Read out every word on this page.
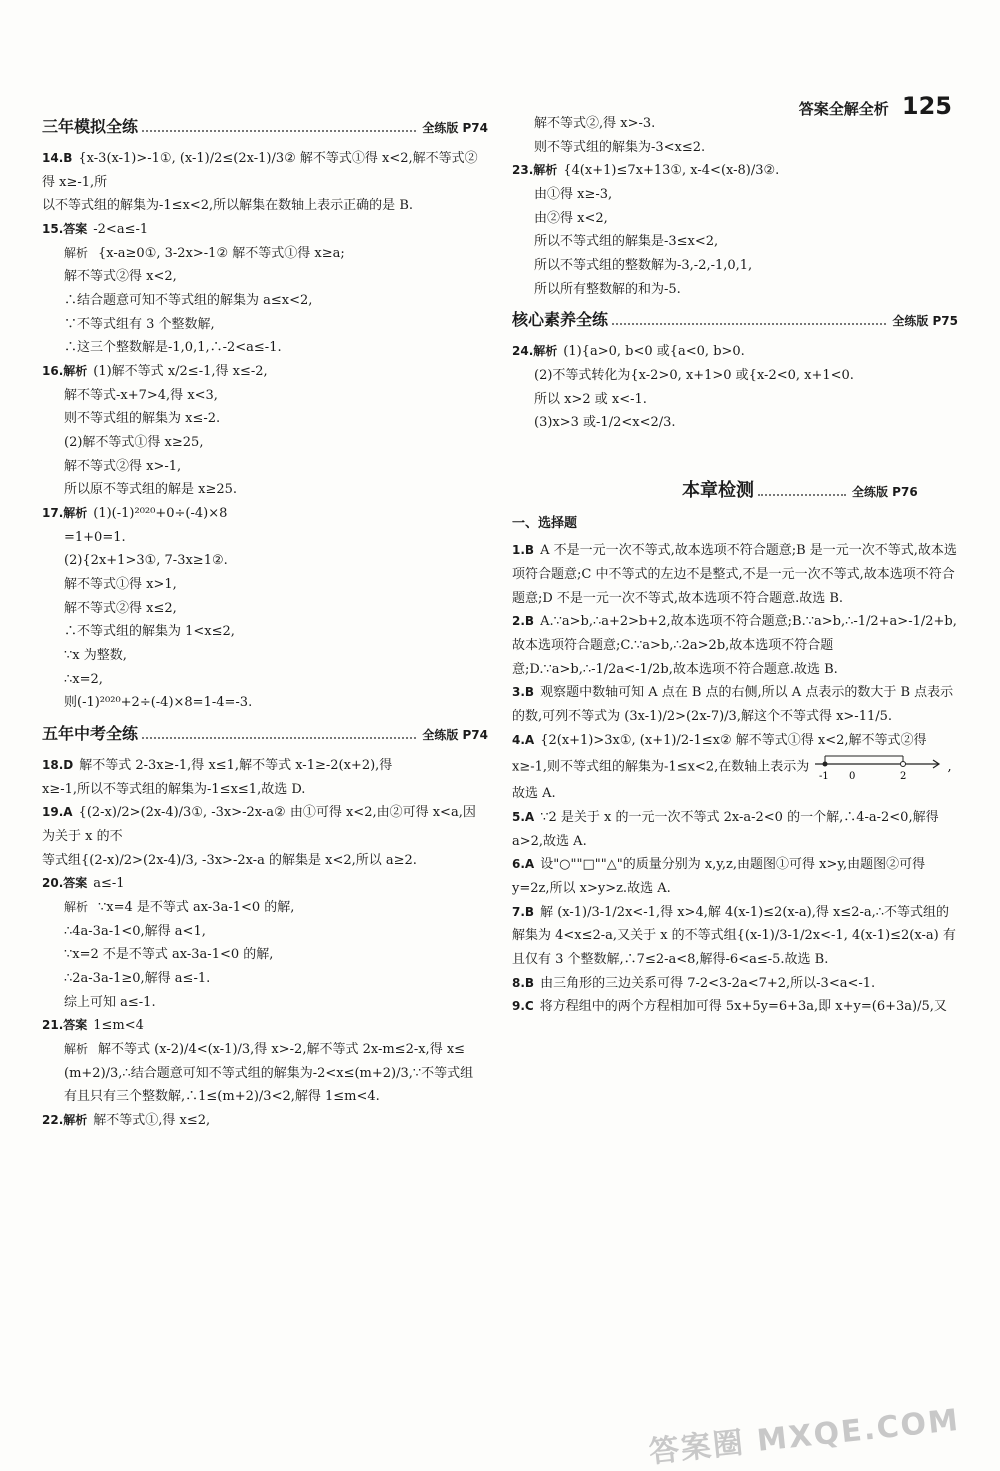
答案全解全析 125
三年模拟全练	全练版 P74
14.B {x-3(x-1)>-1①, (x-1)/2≤(2x-1)/3② 解不等式①得 x<2,解不等式②得 x≥-1,所
以不等式组的解集为-1≤x<2,所以解集在数轴上表示正确的是 B.
15.答案 -2<a≤-1
解析 {x-a≥0①, 3-2x>-1② 解不等式①得 x≥a;
解不等式②得 x<2,
∴结合题意可知不等式组的解集为 a≤x<2,
∵不等式组有 3 个整数解,
∴这三个整数解是-1,0,1,∴-2<a≤-1.
16.解析 (1)解不等式 x/2≤-1,得 x≤-2,
解不等式-x+7>4,得 x<3,
则不等式组的解集为 x≤-2.
(2)解不等式①得 x≥25,
解不等式②得 x>-1,
所以原不等式组的解是 x≥25.
17.解析 (1)(-1)²⁰²⁰+0÷(-4)×8
=1+0=1.
(2){2x+1>3①, 7-3x≥1②.
解不等式①得 x>1,
解不等式②得 x≤2,
∴不等式组的解集为 1<x≤2,
∵x 为整数,
∴x=2,
则(-1)²⁰²⁰+2÷(-4)×8=1-4=-3.
五年中考全练	全练版 P74
18.D 解不等式 2-3x≥-1,得 x≤1,解不等式 x-1≥-2(x+2),得
x≥-1,所以不等式组的解集为-1≤x≤1,故选 D.
19.A {(2-x)/2>(2x-4)/3①, -3x>-2x-a② 由①可得 x<2,由②可得 x<a,因为关于 x 的不
等式组{(2-x)/2>(2x-4)/3, -3x>-2x-a 的解集是 x<2,所以 a≥2.
20.答案 a≤-1
解析 ∵x=4 是不等式 ax-3a-1<0 的解,
∴4a-3a-1<0,解得 a<1,
∵x=2 不是不等式 ax-3a-1<0 的解,
∴2a-3a-1≥0,解得 a≤-1.
综上可知 a≤-1.
21.答案 1≤m<4
解析 解不等式 (x-2)/4<(x-1)/3,得 x>-2,解不等式 2x-m≤2-x,得 x≤
(m+2)/3,∴结合题意可知不等式组的解集为-2<x≤(m+2)/3,∵不等式组
有且只有三个整数解,∴1≤(m+2)/3<2,解得 1≤m<4.
22.解析 解不等式①,得 x≤2,
解不等式②,得 x>-3.
则不等式组的解集为-3<x≤2.
23.解析 {4(x+1)≤7x+13①, x-4<(x-8)/3②.
由①得 x≥-3,
由②得 x<2,
所以不等式组的解集是-3≤x<2,
所以不等式组的整数解为-3,-2,-1,0,1,
所以所有整数解的和为-5.
核心素养全练	全练版 P75
24.解析 (1){a>0, b<0 或{a<0, b>0.
(2)不等式转化为{x-2>0, x+1>0 或{x-2<0, x+1<0.
所以 x>2 或 x<-1.
(3)x>3 或-1/2<x<2/3.
本章检测	全练版 P76
一、选择题
1.B A 不是一元一次不等式,故本选项不符合题意;B 是一元一次不等式,故本选项符合题意;C 中不等式的左边不是整式,不是一元一次不等式,故本选项不符合题意;D 不是一元一次不等式,故本选项不符合题意.故选 B.
2.B A.∵a>b,∴a+2>b+2,故本选项不符合题意;B.∵a>b,∴-1/2+a>-1/2+b,故本选项符合题意;C.∵a>b,∴2a>2b,故本选项不符合题意;D.∵a>b,∴-1/2a<-1/2b,故本选项不符合题意.故选 B.
3.B 观察题中数轴可知 A 点在 B 点的右侧,所以 A 点表示的数大于 B 点表示的数,可列不等式为 (3x-1)/2>(2x-7)/3,解这个不等式得 x>-11/5.
4.A {2(x+1)>3x①, (x+1)/2-1≤x② 解不等式①得 x<2,解不等式②得 x≥-1,则不等式组的解集为-1≤x<2,在数轴上表示为
-1 0	2
,故选 A.
5.A ∵2 是关于 x 的一元一次不等式 2x-a-2<0 的一个解,∴4-a-2<0,解得 a>2,故选 A.
6.A 设"○""□""△"的质量分别为 x,y,z,由题图①可得 x>y,由题图②可得 y=2z,所以 x>y>z.故选 A.
7.B 解 (x-1)/3-1/2x<-1,得 x>4,解 4(x-1)≤2(x-a),得 x≤2-a,∴不等式组的解集为 4<x≤2-a,又关于 x 的不等式组{(x-1)/3-1/2x<-1, 4(x-1)≤2(x-a) 有且仅有 3 个整数解,∴7≤2-a<8,解得-6<a≤-5.故选 B.
8.B 由三角形的三边关系可得 7-2<3-2a<7+2,所以-3<a<-1.
9.C 将方程组中的两个方程相加可得 5x+5y=6+3a,即 x+y=(6+3a)/5,又
答案圈 MXQE.COM
